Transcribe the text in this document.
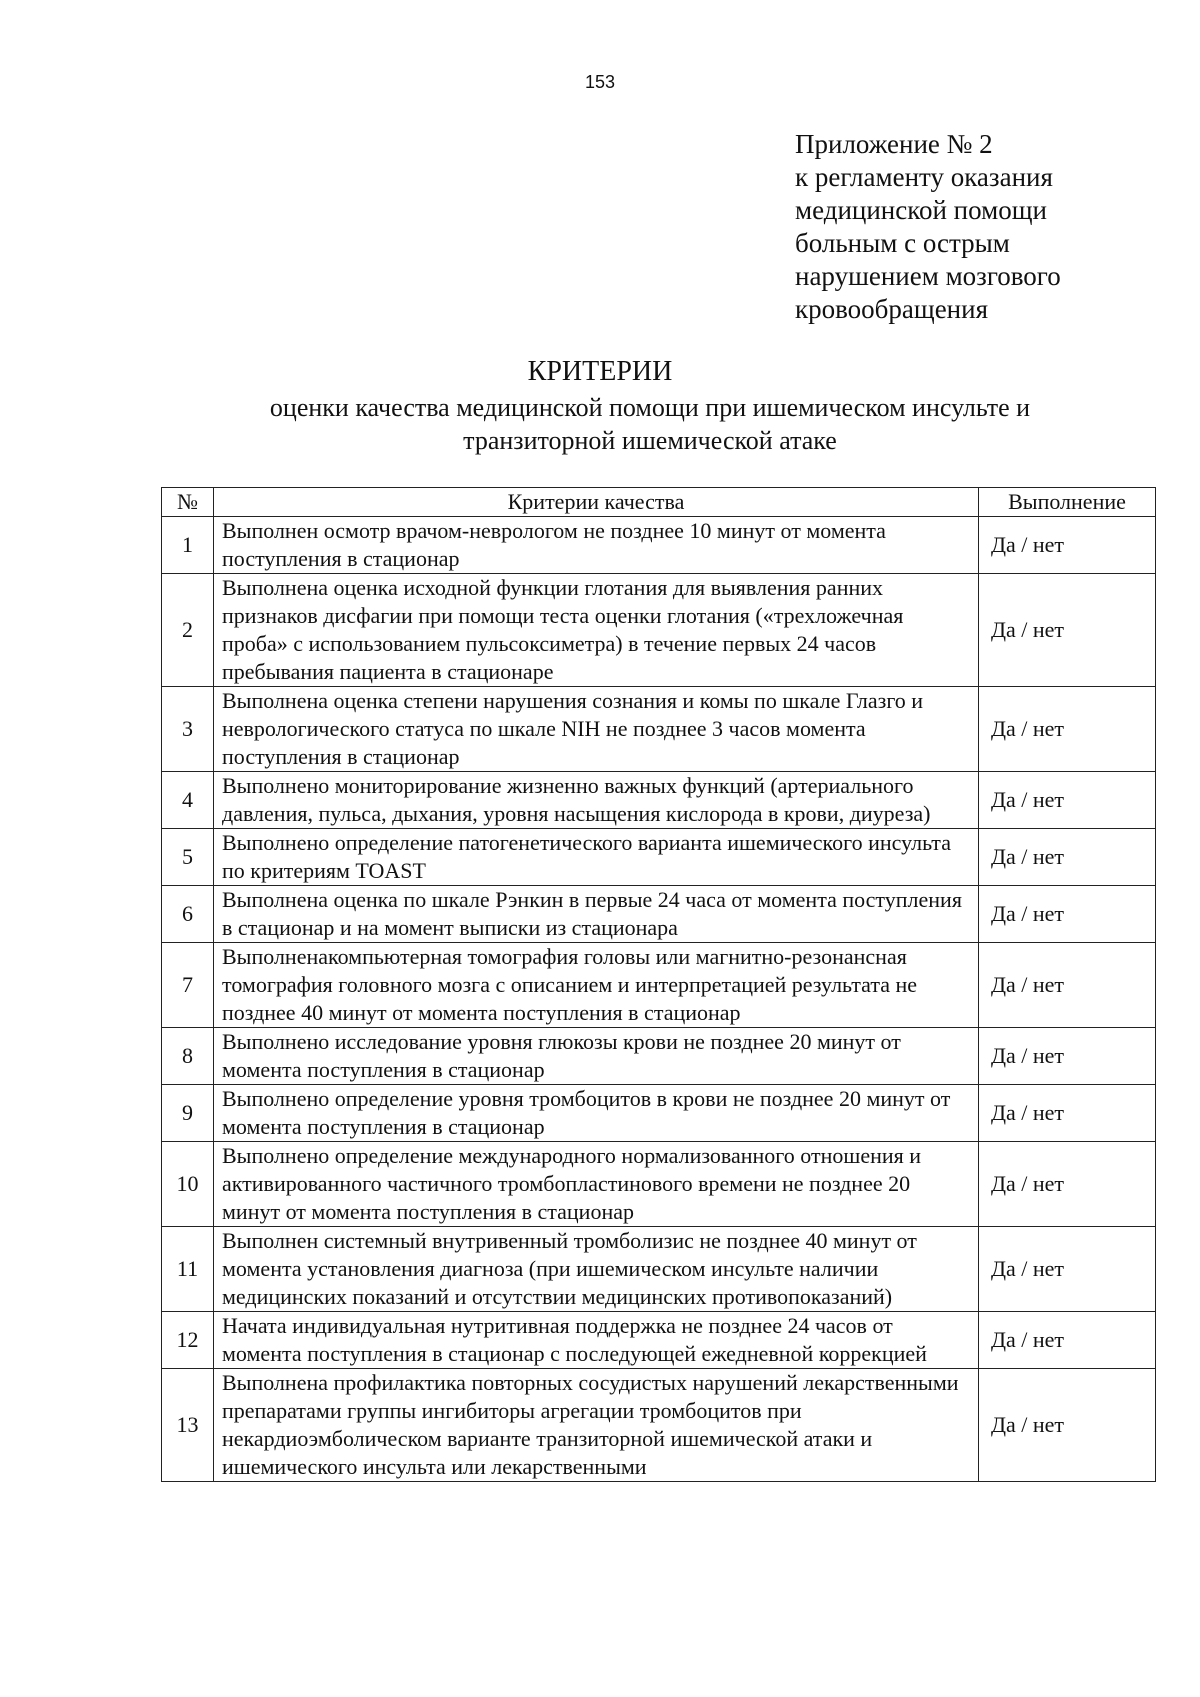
153
Приложение № 2
к регламенту оказания
медицинской помощи
больным с острым
нарушением мозгового
кровообращения
КРИТЕРИИ
оценки качества медицинской помощи при ишемическом инсульте и транзиторной ишемической атаке
№	Критерии качества	Выполнение
1	Выполнен осмотр врачом-неврологом не позднее 10 минут от момента поступления в стационар	Да / нет
2	Выполнена оценка исходной функции глотания для выявления ранних признаков дисфагии при помощи теста оценки глотания («трехложечная проба» с использованием пульсоксиметра) в течение первых 24 часов пребывания пациента в стационаре	Да / нет
3	Выполнена оценка степени нарушения сознания и комы по шкале Глазго и неврологического статуса по шкале NIH не позднее 3 часов момента поступления в стационар	Да / нет
4	Выполнено мониторирование жизненно важных функций (артериального давления, пульса, дыхания, уровня насыщения кислорода в крови, диуреза)	Да / нет
5	Выполнено определение патогенетического варианта ишемического инсульта по критериям TOAST	Да / нет
6	Выполнена оценка по шкале Рэнкин в первые 24 часа от момента поступления в стационар и на момент выписки из стационара	Да / нет
7	Выполненакомпьютерная томография головы или магнитно-резонансная томография головного мозга с описанием и интерпретацией результата не позднее 40 минут от момента поступления в стационар	Да / нет
8	Выполнено исследование уровня глюкозы крови не позднее 20 минут от момента поступления в стационар	Да / нет
9	Выполнено определение уровня тромбоцитов в крови не позднее 20 минут от момента поступления в стационар	Да / нет
10	Выполнено определение международного нормализованного отношения и активированного частичного тромбопластинового времени не позднее 20 минут от момента поступления в стационар	Да / нет
11	Выполнен системный внутривенный тромболизис не позднее 40 минут от момента установления диагноза (при ишемическом инсульте наличии медицинских показаний и отсутствии медицинских противопоказаний)	Да / нет
12	Начата индивидуальная нутритивная поддержка не позднее 24 часов от момента поступления в стационар с последующей ежедневной коррекцией	Да / нет
13	Выполнена профилактика повторных сосудистых нарушений лекарственными препаратами группы ингибиторы агрегации тромбоцитов при некардиоэмболическом варианте транзиторной ишемической атаки и ишемического инсульта или лекарственными	Да / нет
